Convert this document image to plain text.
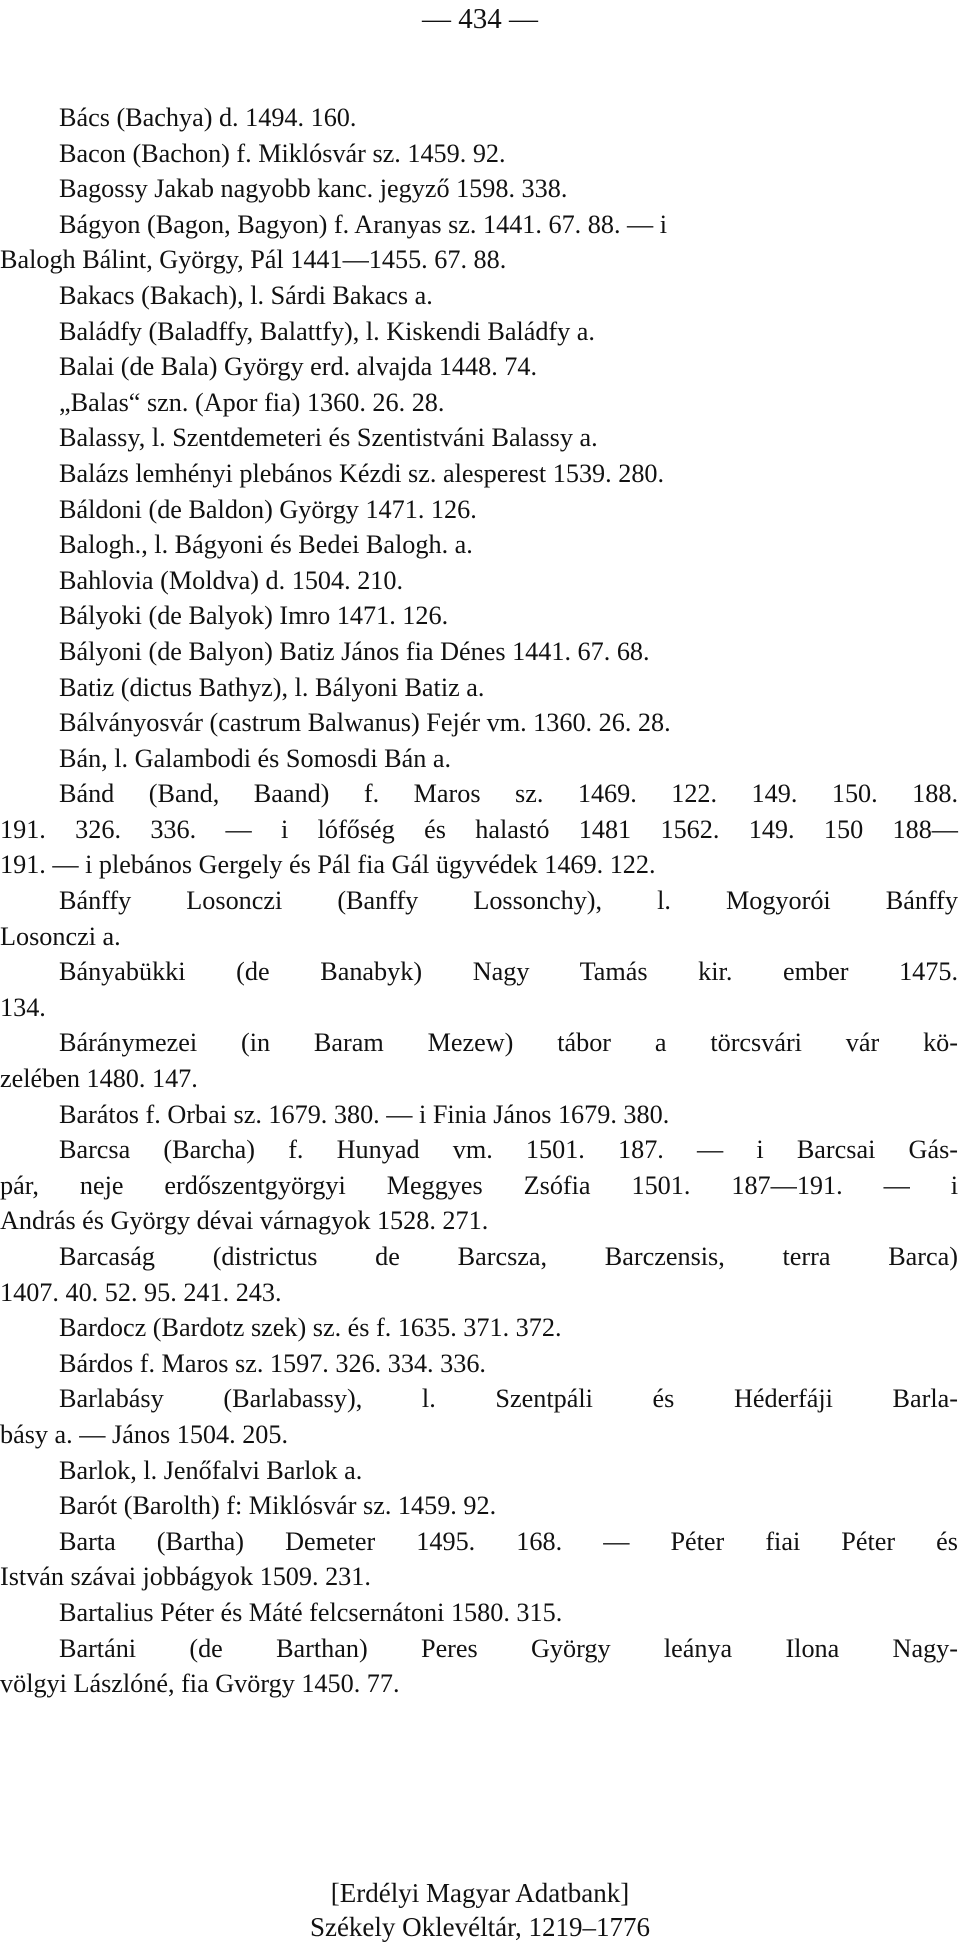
— 434 —
Bács (Bachya) d. 1494. 160.
Bacon (Bachon) f. Miklósvár sz. 1459. 92.
Bagossy Jakab nagyobb kanc. jegyző 1598. 338.
Bágyon (Bagon, Bagyon) f. Aranyas sz. 1441. 67. 88. — i
Balogh Bálint, György, Pál 1441—1455. 67. 88.
Bakacs (Bakach), l. Sárdi Bakacs a.
Baládfy (Baladffy, Balattfy), l. Kiskendi Baládfy a.
Balai (de Bala) György erd. alvajda 1448. 74.
„Balas“ szn. (Apor fia) 1360. 26. 28.
Balassy, l. Szentdemeteri és Szentistváni Balassy a.
Balázs lemhényi plebános Kézdi sz. alesperest 1539. 280.
Báldoni (de Baldon) György 1471. 126.
Balogh., l. Bágyoni és Bedei Balogh. a.
Bahlovia (Moldva) d. 1504. 210.
Bályoki (de Balyok) Imro 1471. 126.
Bályoni (de Balyon) Batiz János fia Dénes 1441. 67. 68.
Batiz (dictus Bathyz), l. Bályoni Batiz a.
Bálványosvár (castrum Balwanus) Fejér vm. 1360. 26. 28.
Bán, l. Galambodi és Somosdi Bán a.
Bánd (Band, Baand) f. Maros sz. 1469. 122. 149. 150. 188.
191. 326. 336. — i lófőség és halastó 1481 1562. 149. 150 188—
191. — i plebános Gergely és Pál fia Gál ügyvédek 1469. 122.
Bánffy Losonczi (Banffy Lossonchy), l. Mogyorói Bánffy
Losonczi a.
Bányabükki (de Banabyk) Nagy Tamás kir. ember 1475.
134.
Báránymezei (in Baram Mezew) tábor a törcsvári vár kö-
zelében 1480. 147.
Barátos f. Orbai sz. 1679. 380. — i Finia János 1679. 380.
Barcsa (Barcha) f. Hunyad vm. 1501. 187. — i Barcsai Gás-
pár, neje erdőszentgyörgyi Meggyes Zsófia 1501. 187—191. — i
András és György dévai várnagyok 1528. 271.
Barcaság (districtus de Barcsza, Barczensis, terra Barca)
1407. 40. 52. 95. 241. 243.
Bardocz (Bardotz szek) sz. és f. 1635. 371. 372.
Bárdos f. Maros sz. 1597. 326. 334. 336.
Barlabásy (Barlabassy), l. Szentpáli és Héderfáji Barla-
básy a. — János 1504. 205.
Barlok, l. Jenőfalvi Barlok a.
Barót (Barolth) f: Miklósvár sz. 1459. 92.
Barta (Bartha) Demeter 1495. 168. — Péter fiai Péter és
István szávai jobbágyok 1509. 231.
Bartalius Péter és Máté felcsernátoni 1580. 315.
Bartáni (de Barthan) Peres György leánya Ilona Nagy-
völgyi Lászlóné, fia Gvörgy 1450. 77.
[Erdélyi Magyar Adatbank]
Székely Oklevéltár, 1219–1776
